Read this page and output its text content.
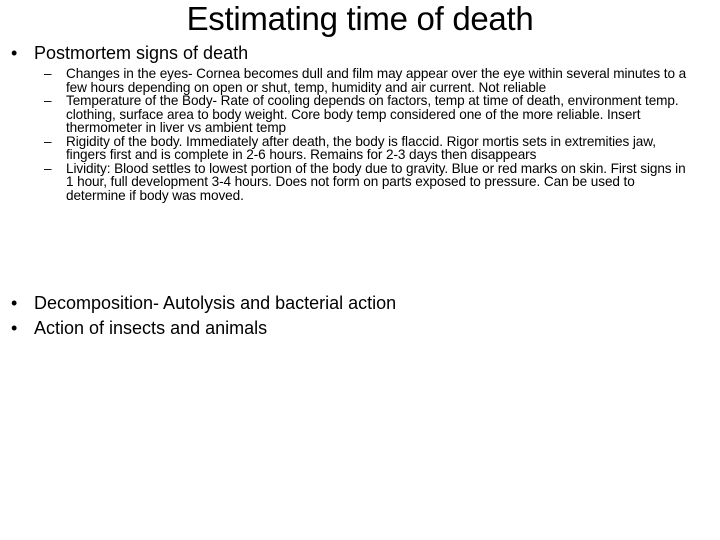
Estimating time of death
• Postmortem signs of death
–	Changes in the eyes- Cornea becomes dull and film may appear over the eye within several minutes to a few hours depending on open or shut, temp, humidity and air current. Not reliable
–	Temperature of the Body- Rate of cooling depends on factors, temp at time of death, environment temp. clothing, surface area to body weight. Core body temp considered one of the more reliable. Insert thermometer in liver vs ambient temp
–	Rigidity of the body. Immediately after death, the body is flaccid. Rigor mortis sets in extremities jaw, fingers first and is complete in 2-6 hours. Remains for 2-3 days then disappears
–	Lividity: Blood settles to lowest portion of the body due to gravity. Blue or red marks on skin. First signs in 1 hour, full development 3-4 hours. Does not form on parts exposed to pressure. Can be used to determine if body was moved.
• Decomposition- Autolysis and bacterial action
• Action of insects and animals
